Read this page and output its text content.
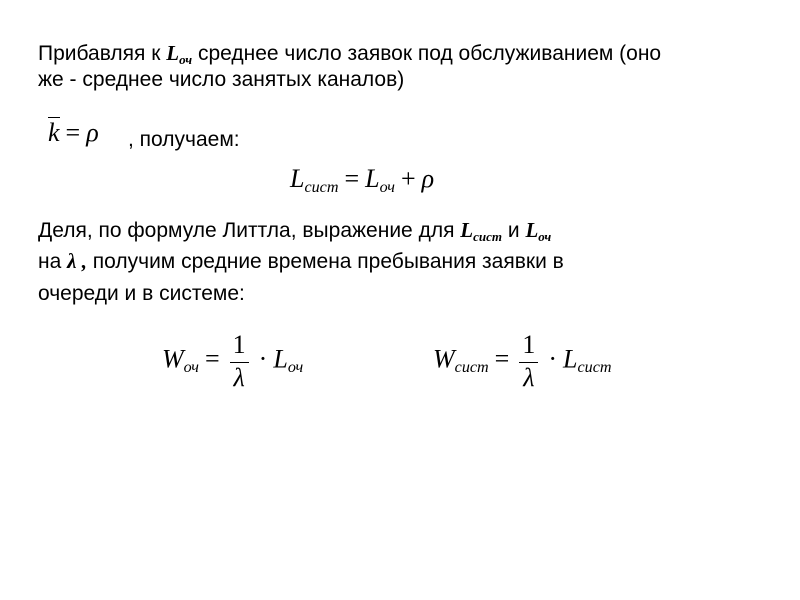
Прибавляя к Lоч среднее число заявок под обслуживанием (оно
же - среднее число занятых каналов)
k = ρ , получаем:
Lсист = Lоч + ρ
Деля, по формуле Литтла, выражение для Lсист и Lоч
на λ , получим средние времена пребывания заявки в
очереди и в системе:
Wоч = $\frac{1}{\lambda}$ · Lоч	Wсист = $\frac{1}{\lambda}$ · Lсист
